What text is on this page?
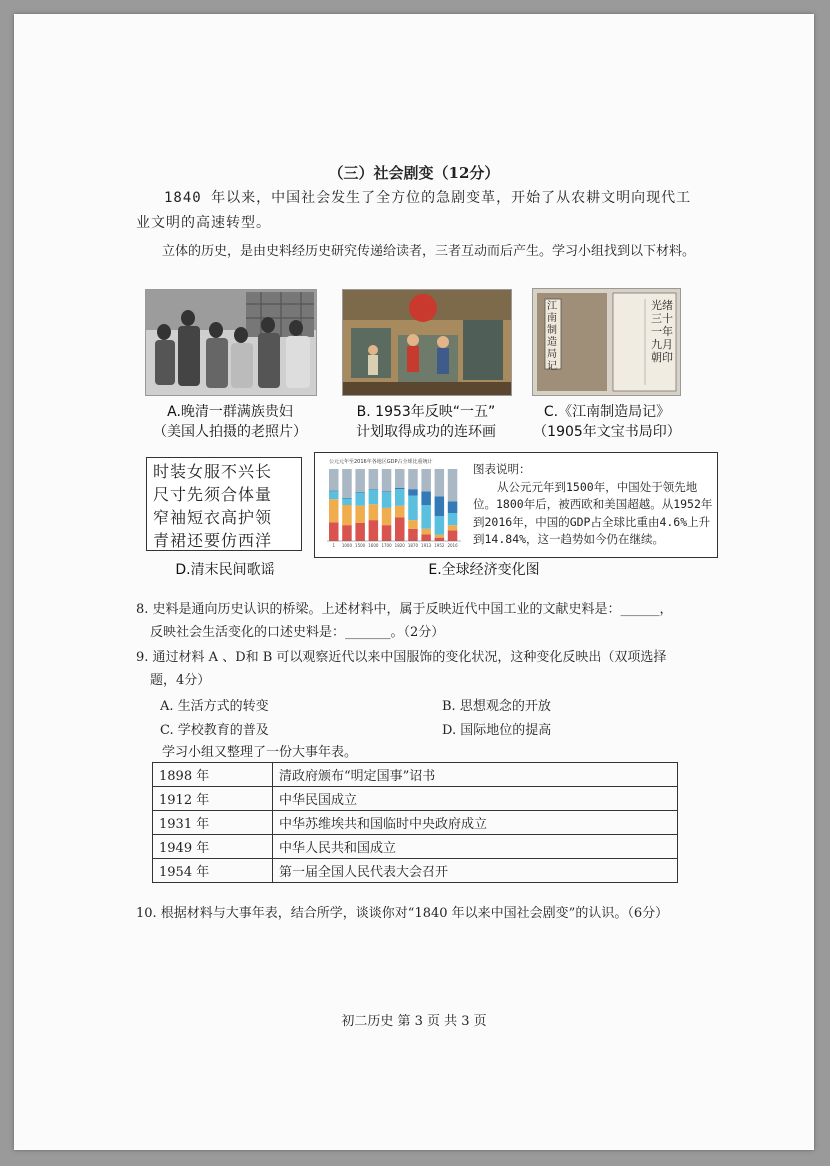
（三）社会剧变（12分）
1840 年以来，中国社会发生了全方位的急剧变革，开始了从农耕文明向现代工业文明的高速转型。
立体的历史，是由史料经历史研究传递给读者，三者互动而后产生。学习小组找到以下材料。
江南制造局记
光绪三十一年九月朝印
A.晚清一群满族贵妇
（美国人拍摄的老照片）
B. 1953年反映“一五”
计划取得成功的连环画
C.《江南制造局记》
（1905年文宝书局印）
时装女服不兴长
尺寸先须合体量
窄袖短衣高护领
青裙还要仿西洋
公元元年至2016年各地区GDP占全球比重统计
1 1000 1500 1600 1700 1820 1870 1913 1952 2016
图表说明：
从公元元年到1500年，中国处于领先地位。1800年后，被西欧和美国超越。从1952年到2016年，中国的GDP占全球比重由4.6%上升到14.84%，这一趋势如今仍在继续。
D.清末民间歌谣	E.全球经济变化图
8. 史料是通向历史认识的桥梁。上述材料中，属于反映近代中国工业的文献史料是：______，
反映社会生活变化的口述史料是：_______。（2分）
9. 通过材料 A 、D和 B 可以观察近代以来中国服饰的变化状况，这种变化反映出（双项选择
题，4分）
A. 生活方式的转变	B. 思想观念的开放
C. 学校教育的普及	D. 国际地位的提高
学习小组又整理了一份大事年表。
1898 年	清政府颁布“明定国事”诏书
1912 年	中华民国成立
1931 年	中华苏维埃共和国临时中央政府成立
1949 年	中华人民共和国成立
1954 年	第一届全国人民代表大会召开
10. 根据材料与大事年表，结合所学，谈谈你对“1840 年以来中国社会剧变”的认识。（6分）
初二历史 第 3 页 共 3 页
